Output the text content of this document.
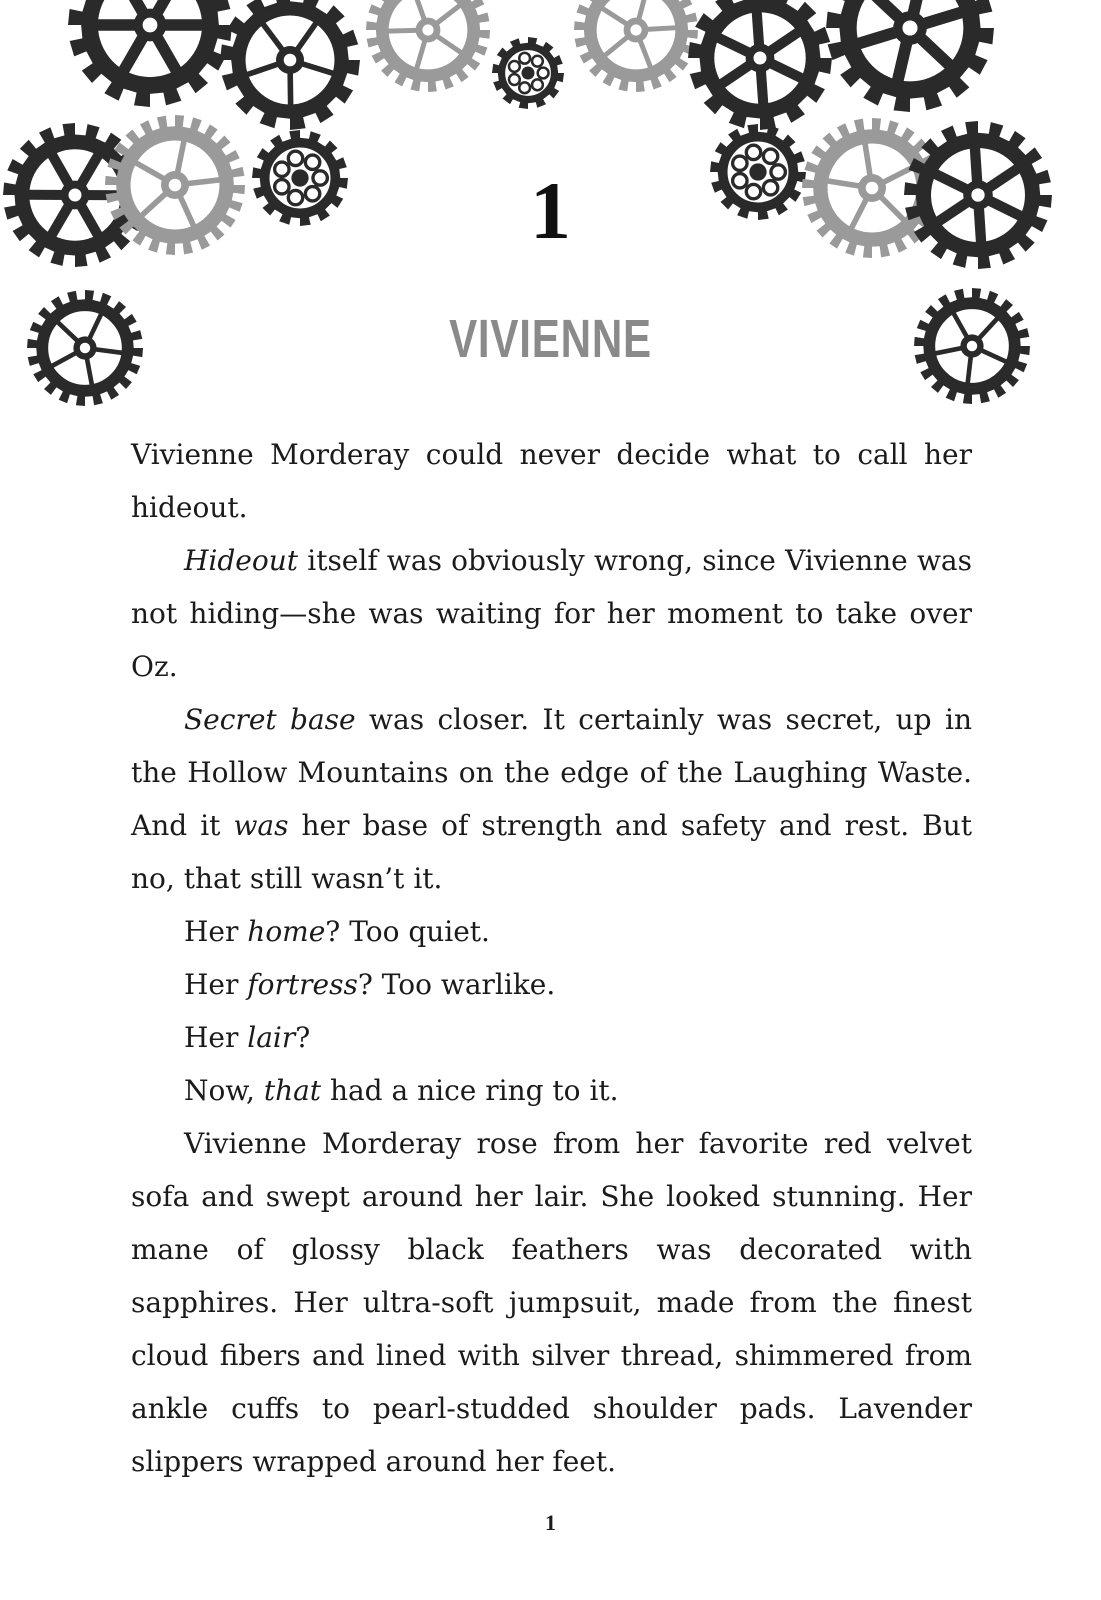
1
VIVIENNE

Vivienne Morderay could never decide what to call her hideout.

Hideout itself was obviously wrong, since Vivienne was not hiding—she was waiting for her moment to take over Oz.

Secret base was closer. It certainly was secret, up in the Hollow Mountains on the edge of the Laughing Waste. And it was her base of strength and safety and rest. But no, that still wasn’t it.

Her home? Too quiet.

Her fortress? Too warlike.

Her lair?

Now, that had a nice ring to it.

Vivienne Morderay rose from her favorite red velvet sofa and swept around her lair. She looked stunning. Her mane of glossy black feathers was decorated with sapphires. Her ultra-soft jumpsuit, made from the finest cloud fibers and lined with silver thread, shimmered from ankle cuffs to pearl-studded shoulder pads. Lavender slippers wrapped around her feet.

1
